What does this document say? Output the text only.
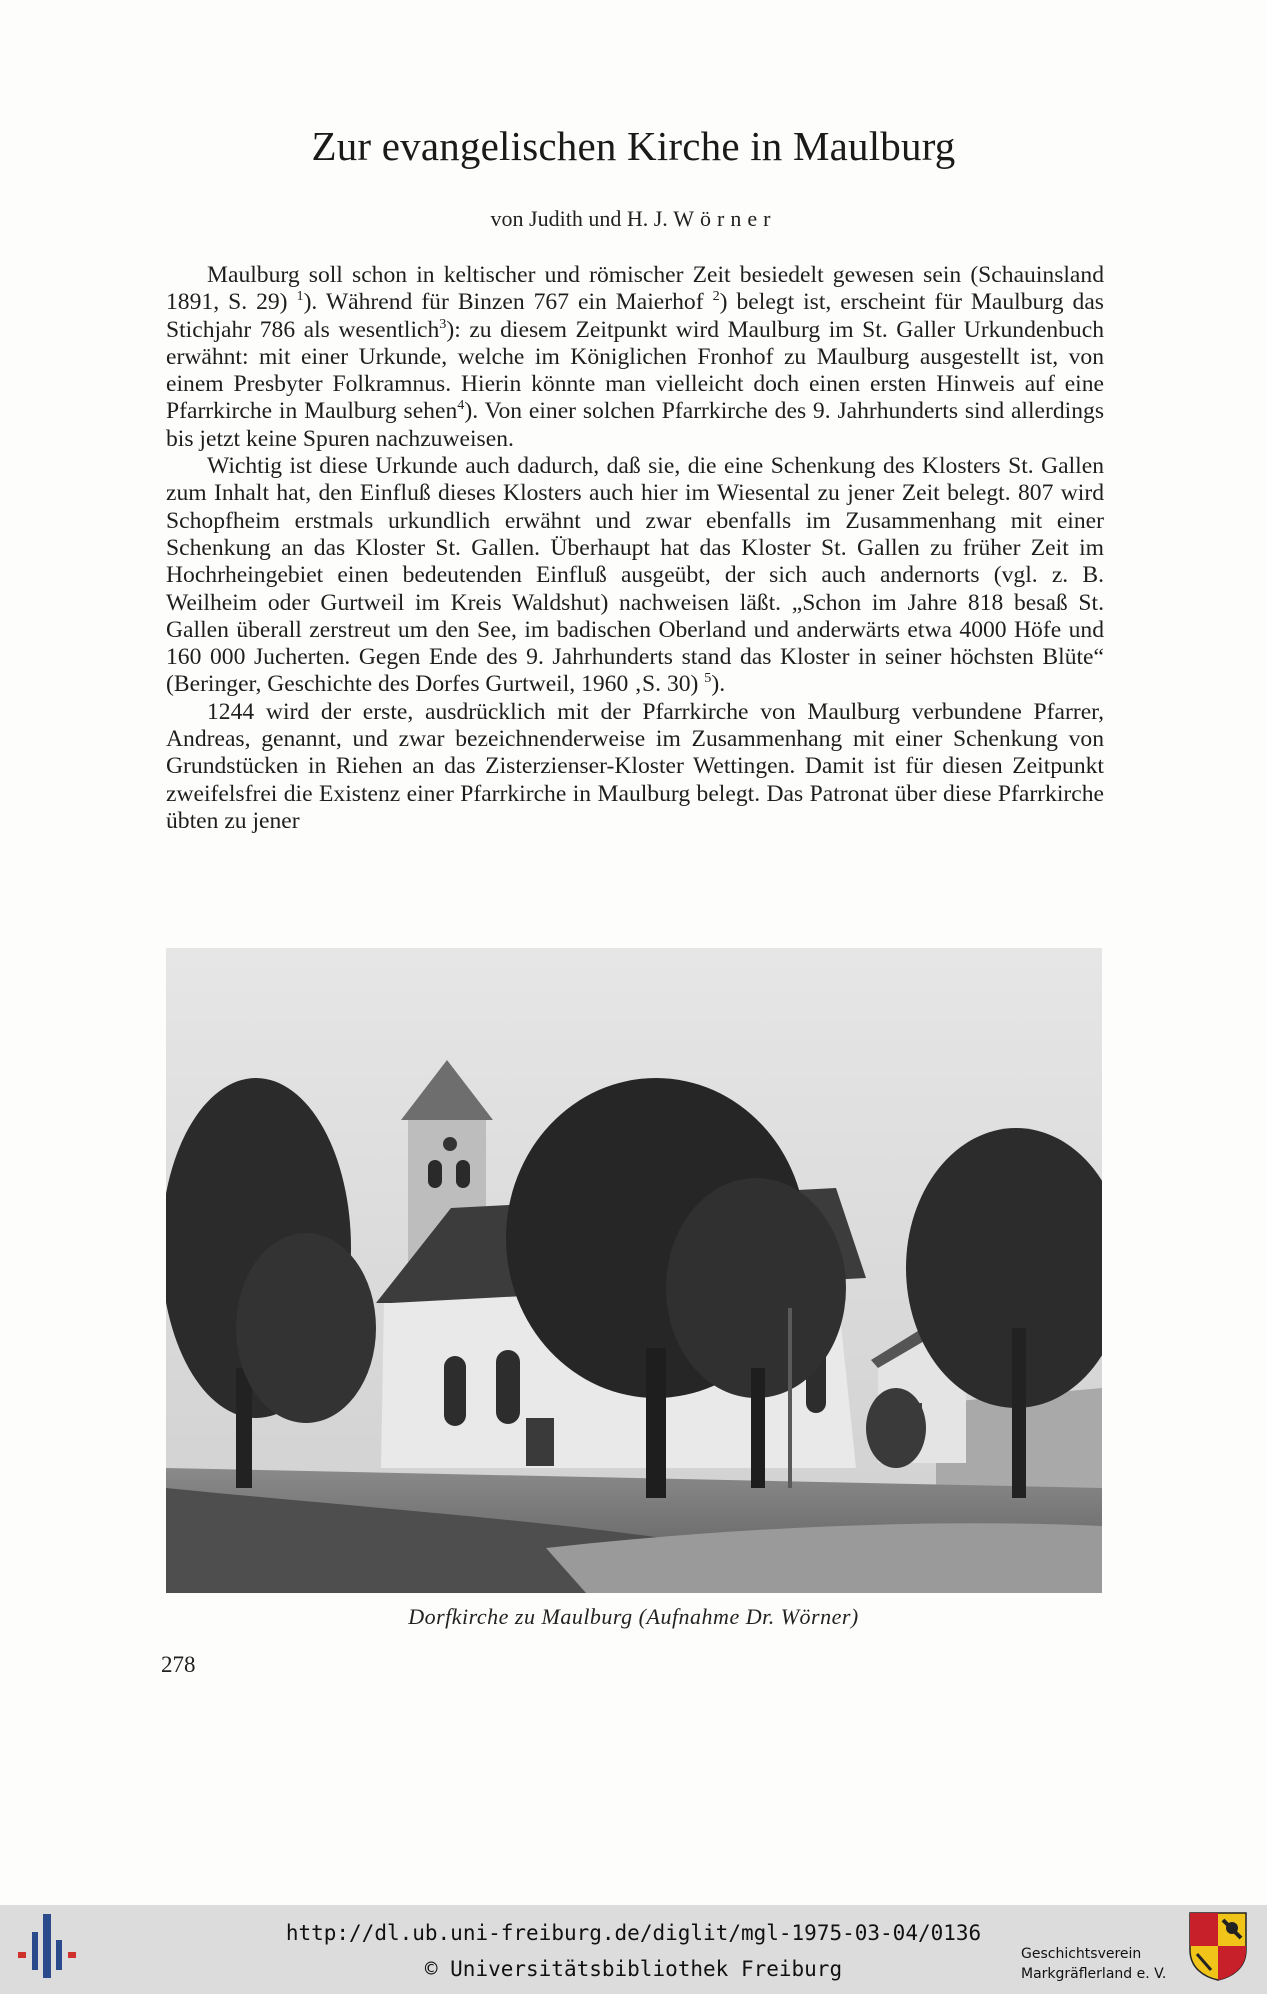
Zur evangelischen Kirche in Maulburg
von Judith und H. J. Wörner

Maulburg soll schon in keltischer und römischer Zeit besiedelt gewesen sein (Schauinsland 1891, S. 29) $^1$). Während für Binzen 767 ein Maierhof $^2$) belegt ist, erscheint für Maulburg das Stichjahr 786 als wesentlich$^3$): zu diesem Zeitpunkt wird Maulburg im St. Galler Urkundenbuch erwähnt: mit einer Urkunde, welche im Königlichen Fronhof zu Maulburg ausgestellt ist, von einem Presbyter Folkramnus. Hierin könnte man vielleicht doch einen ersten Hinweis auf eine Pfarrkirche in Maulburg sehen$^4$). Von einer solchen Pfarrkirche des 9. Jahrhunderts sind allerdings bis jetzt keine Spuren nachzuweisen.

Wichtig ist diese Urkunde auch dadurch, daß sie, die eine Schenkung des Klosters St. Gallen zum Inhalt hat, den Einfluß dieses Klosters auch hier im Wiesental zu jener Zeit belegt. 807 wird Schopfheim erstmals urkundlich erwähnt und zwar ebenfalls im Zusammenhang mit einer Schenkung an das Kloster St. Gallen. Überhaupt hat das Kloster St. Gallen zu früher Zeit im Hochrheingebiet einen bedeutenden Einfluß ausgeübt, der sich auch andernorts (vgl. z. B. Weilheim oder Gurtweil im Kreis Waldshut) nachweisen läßt. „Schon im Jahre 818 besaß St. Gallen überall zerstreut um den See, im badischen Oberland und anderwärts etwa 4000 Höfe und 160 000 Jucherten. Gegen Ende des 9. Jahrhunderts stand das Kloster in seiner höchsten Blüte“ (Beringer, Geschichte des Dorfes Gurtweil, 1960 ‚S. 30) $^5$).

1244 wird der erste, ausdrücklich mit der Pfarrkirche von Maulburg verbundene Pfarrer, Andreas, genannt, und zwar bezeichnenderweise im Zusammenhang mit einer Schenkung von Grundstücken in Riehen an das Zisterzienser-Kloster Wettingen. Damit ist für diesen Zeitpunkt zweifelsfrei die Existenz einer Pfarrkirche in Maulburg belegt. Das Patronat über diese Pfarrkirche übten zu jener

Dorfkirche zu Maulburg (Aufnahme Dr. Wörner)
278
http://dl.ub.uni-freiburg.de/diglit/mgl-1975-03-04/0136
© Universitätsbibliothek Freiburg
Geschichtsverein
Markgräflerland e. V.
